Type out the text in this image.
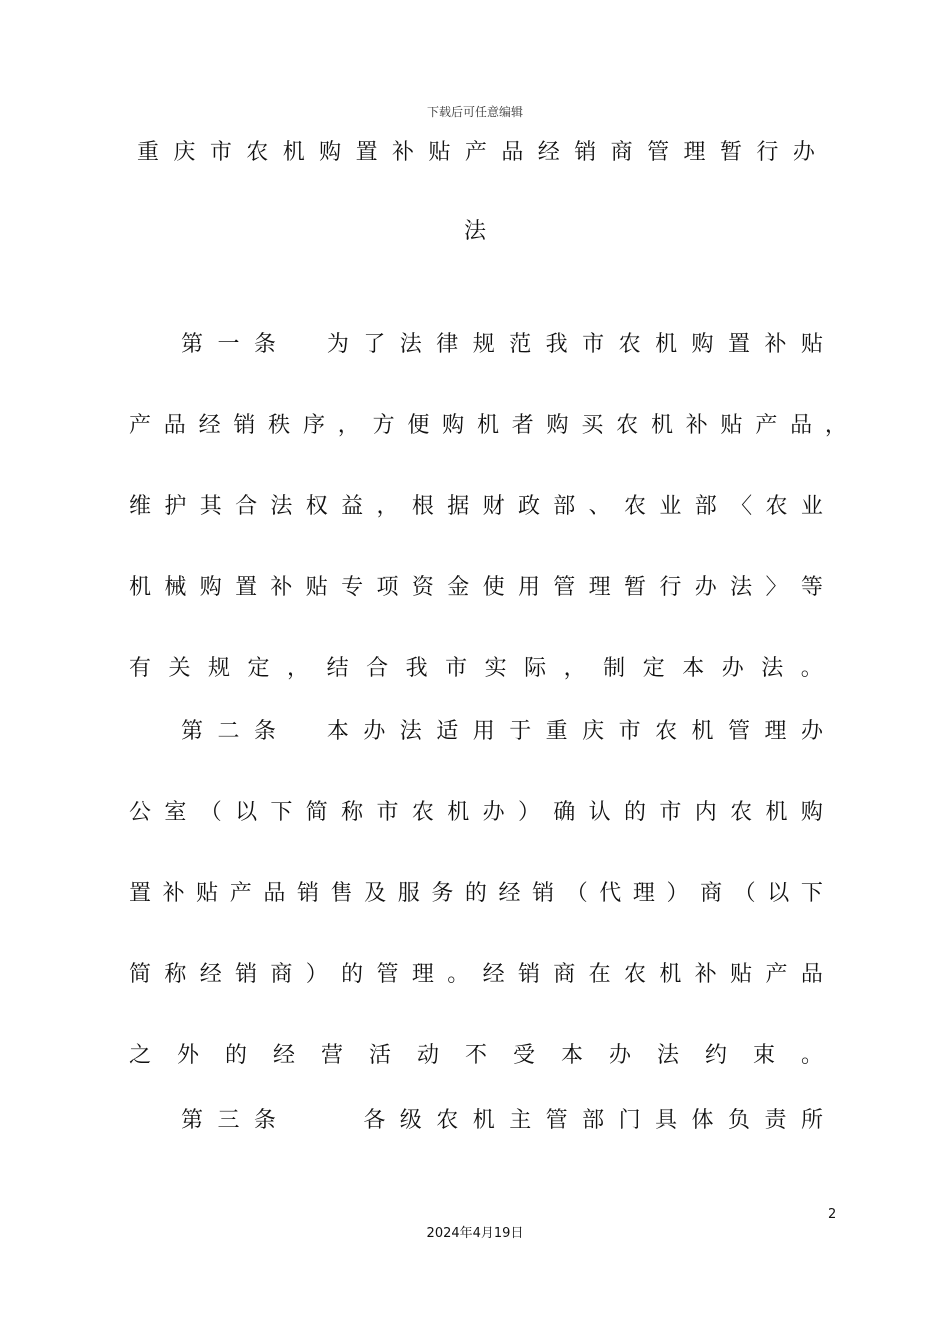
下载后可任意编辑
重 庆 市 农 机 购 置 补 贴 产 品 经 销 商 管 理 暂 行 办
法
第 一 条
　 为 了 法 律 规 范 我 市 农 机 购 置 补 贴
产 品 经 销 秩 序 ， 方 便 购 机 者 购 买 农 机 补 贴 产 品 ，
维 护 其 合 法 权 益 ， 根 据 财 政 部 、 农 业 部 〈 农 业
机 械 购 置 补 贴 专 项 资 金 使 用 管 理 暂 行 办 法 〉 等
有 关 规 定 ， 结 合 我 市 实 际 ， 制 定 本 办 法 。
第 二 条
　 本 办 法 适 用 于 重 庆 市 农 机 管 理 办
公 室 （ 以 下 简 称 市 农 机 办 ） 确 认 的 市 内 农 机 购
置 补 贴 产 品 销 售 及 服 务 的 经 销 （ 代 理 ） 商 （ 以 下
简 称 经 销 商 ） 的 管 理 。 经 销 商 在 农 机 补 贴 产 品
之 外 的 经 营 活 动 不 受 本 办 法 约 束 。
第 三 条

　	各 级 农 机 主 管 部 门 具 体 负 责 所
2
2024年4月19日
